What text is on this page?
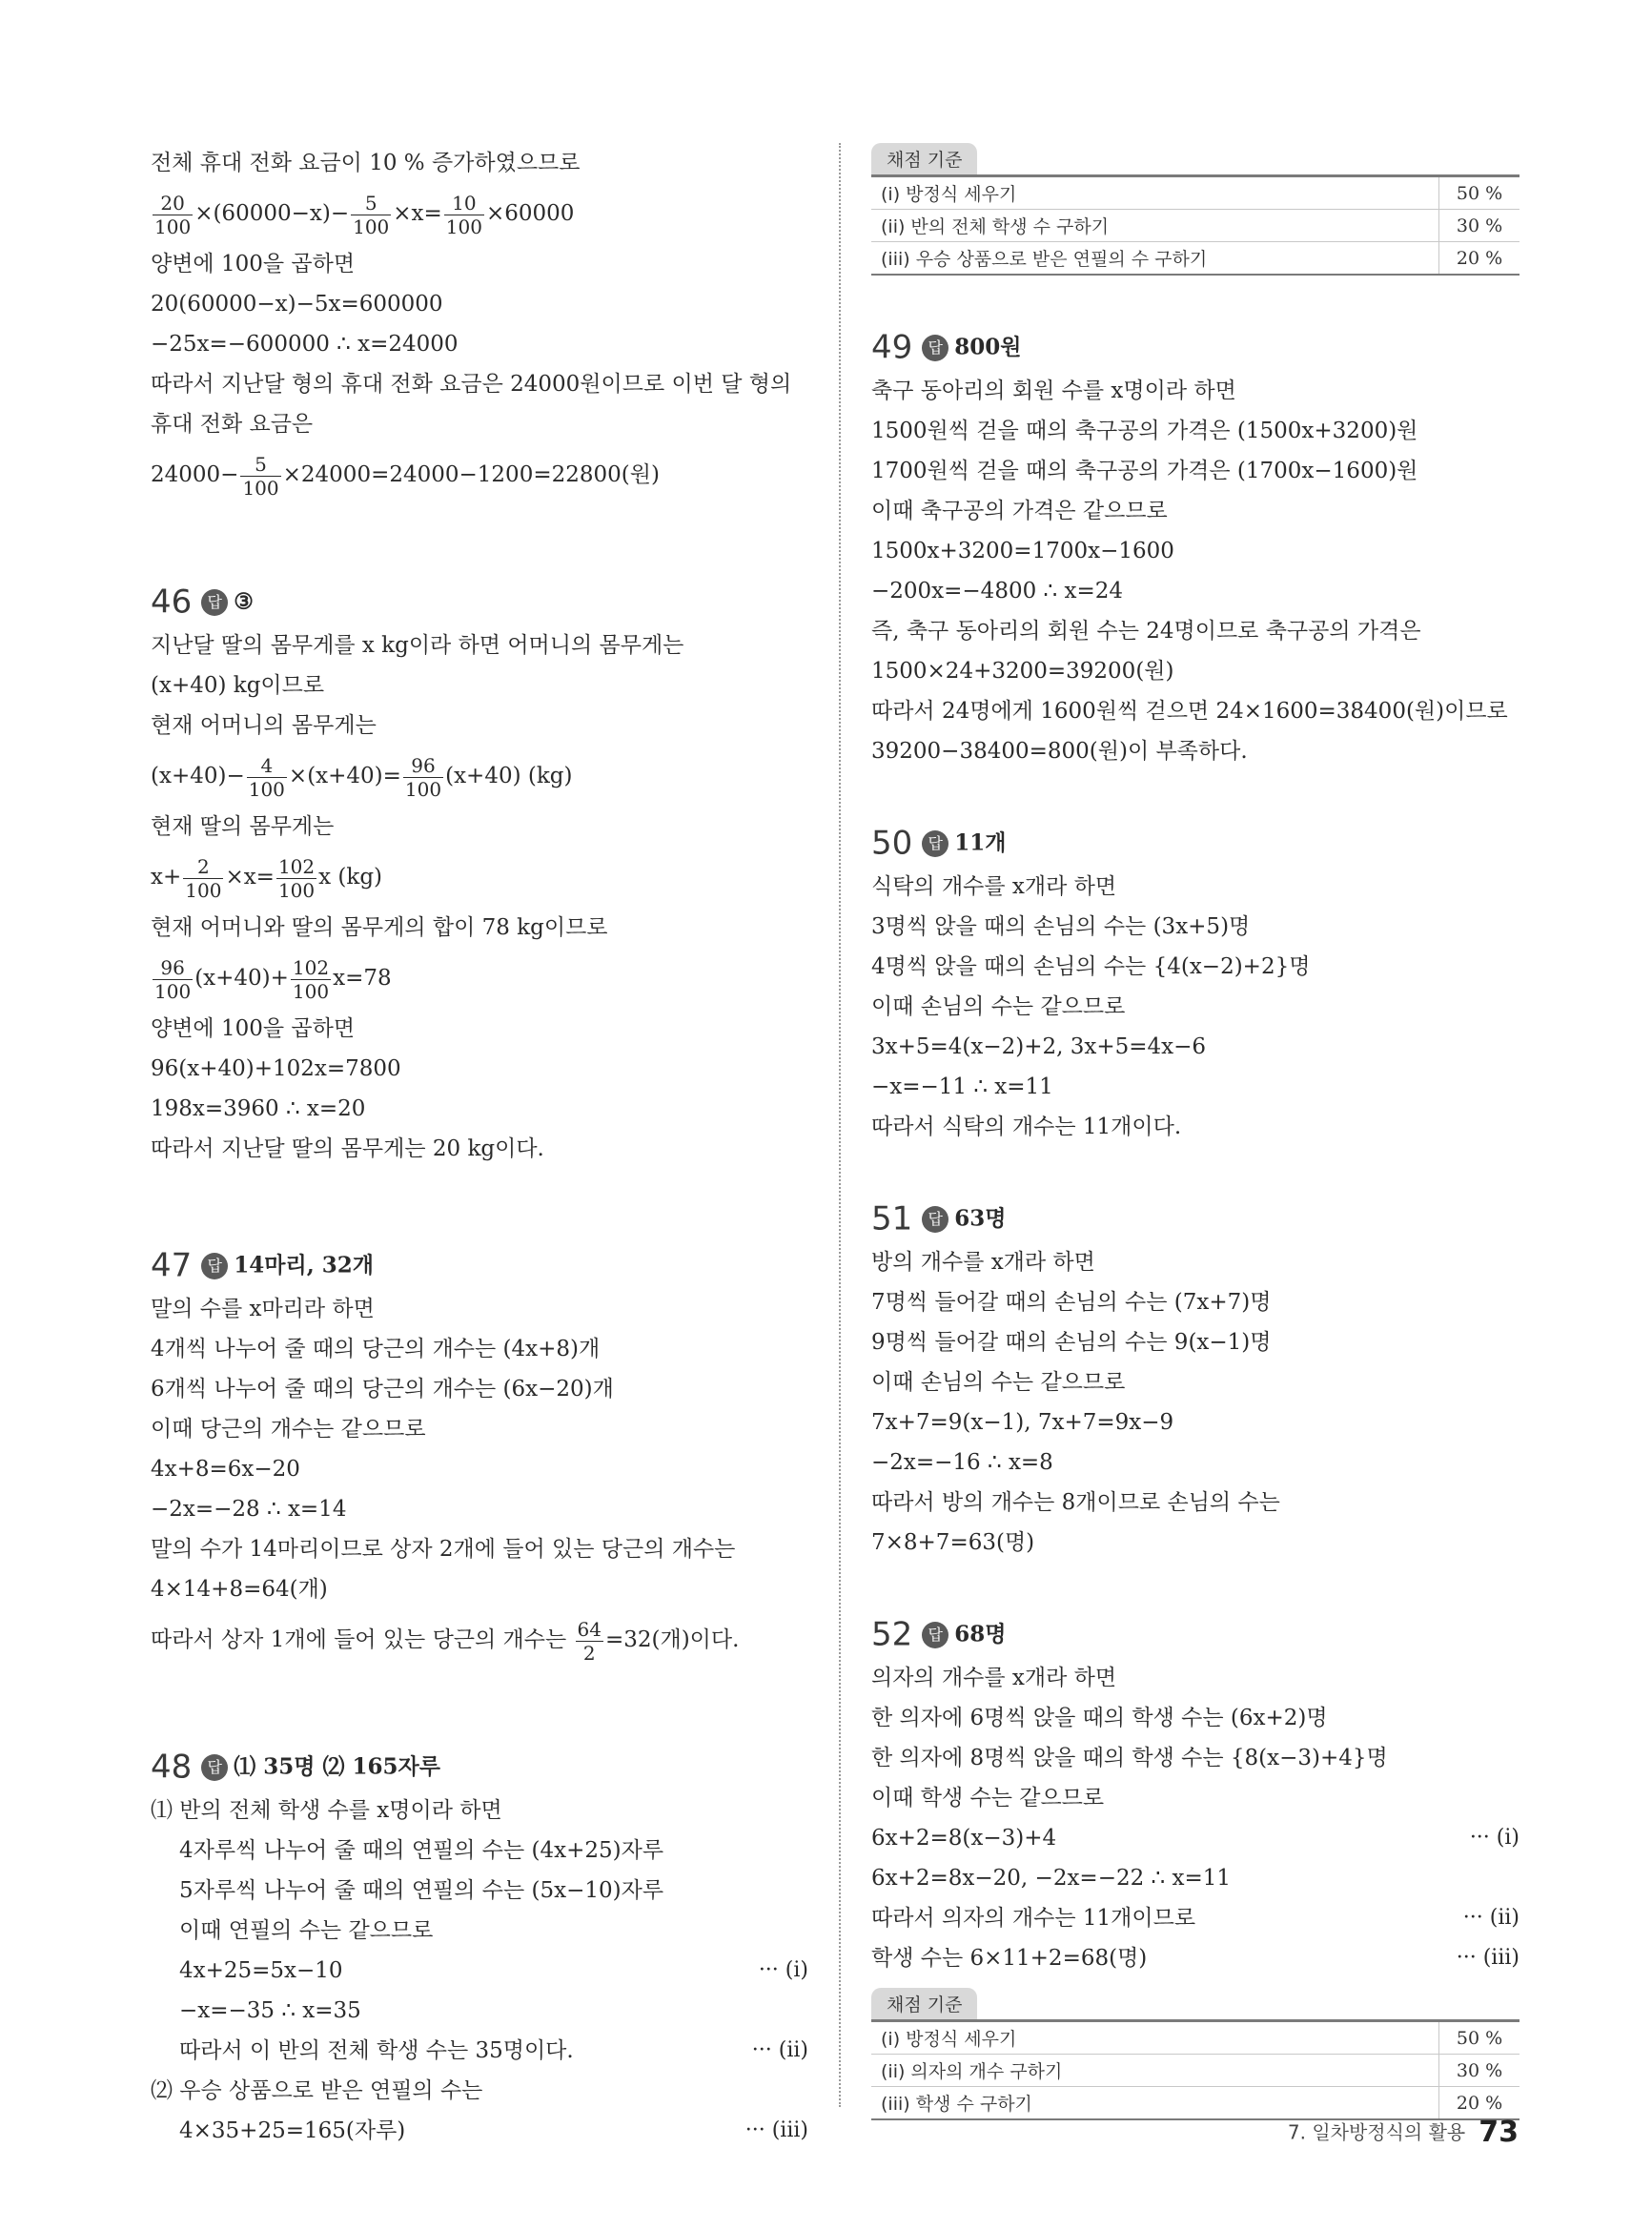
전체 휴대 전화 요금이 10 % 증가하였으므로
$\frac{20}{100} \times(60000-x)- \frac{5}{100} \times x= \frac{10}{100} \times 60000$
양변에 100을 곱하면
20(60000−x)−5x=600000
−25x=−600000 ∴ x=24000
따라서 지난달 형의 휴대 전화 요금은 24000원이므로 이번 달 형의
휴대 전화 요금은
$24000- \frac{5}{100} \times 24000=24000-1200=22800$(원)
46 답 ③
지난달 딸의 몸무게를 x kg이라 하면 어머니의 몸무게는
(x+40) kg이므로
현재 어머니의 몸무게는
$(x+40)- \frac{4}{100} \times(x+40)= \frac{96}{100} (x+40)$ (kg)
현재 딸의 몸무게는
$x+ \frac{2}{100} \times x= \frac{102}{100}$ x (kg)
현재 어머니와 딸의 몸무게의 합이 78 kg이므로
$\frac{96}{100} (x+40)+ \frac{102}{100} x=78$
양변에 100을 곱하면
96(x+40)+102x=7800
198x=3960 ∴ x=20
따라서 지난달 딸의 몸무게는 20 kg이다.
47 답 14마리, 32개
말의 수를 x마리라 하면
4개씩 나누어 줄 때의 당근의 개수는 (4x+8)개
6개씩 나누어 줄 때의 당근의 개수는 (6x−20)개
이때 당근의 개수는 같으므로
4x+8=6x−20
−2x=−28 ∴ x=14
말의 수가 14마리이므로 상자 2개에 들어 있는 당근의 개수는
4×14+8=64(개)
따라서 상자 1개에 들어 있는 당근의 개수는 $\frac{64}{2} =32$(개)이다.
48 답 ⑴ 35명 ⑵ 165자루
⑴ 반의 전체 학생 수를 x명이라 하면
4자루씩 나누어 줄 때의 연필의 수는 (4x+25)자루
5자루씩 나누어 줄 때의 연필의 수는 (5x−10)자루
이때 연필의 수는 같으므로
4x+25=5x−10	··· (i)
−x=−35 ∴ x=35
따라서 이 반의 전체 학생 수는 35명이다.	··· (ii)
⑵ 우승 상품으로 받은 연필의 수는
4×35+25=165(자루)	··· (iii)
채점 기준
(i) 방정식 세우기	50 %
(ii) 반의 전체 학생 수 구하기	30 %
(iii) 우승 상품으로 받은 연필의 수 구하기	20 %
49 답 800원
축구 동아리의 회원 수를 x명이라 하면
1500원씩 걷을 때의 축구공의 가격은 (1500x+3200)원
1700원씩 걷을 때의 축구공의 가격은 (1700x−1600)원
이때 축구공의 가격은 같으므로
1500x+3200=1700x−1600
−200x=−4800 ∴ x=24
즉, 축구 동아리의 회원 수는 24명이므로 축구공의 가격은
1500×24+3200=39200(원)
따라서 24명에게 1600원씩 걷으면 24×1600=38400(원)이므로
39200−38400=800(원)이 부족하다.
50 답 11개
식탁의 개수를 x개라 하면
3명씩 앉을 때의 손님의 수는 (3x+5)명
4명씩 앉을 때의 손님의 수는 {4(x−2)+2}명
이때 손님의 수는 같으므로
3x+5=4(x−2)+2, 3x+5=4x−6
−x=−11 ∴ x=11
따라서 식탁의 개수는 11개이다.
51 답 63명
방의 개수를 x개라 하면
7명씩 들어갈 때의 손님의 수는 (7x+7)명
9명씩 들어갈 때의 손님의 수는 9(x−1)명
이때 손님의 수는 같으므로
7x+7=9(x−1), 7x+7=9x−9
−2x=−16 ∴ x=8
따라서 방의 개수는 8개이므로 손님의 수는
7×8+7=63(명)
52 답 68명
의자의 개수를 x개라 하면
한 의자에 6명씩 앉을 때의 학생 수는 (6x+2)명
한 의자에 8명씩 앉을 때의 학생 수는 {8(x−3)+4}명
이때 학생 수는 같으므로
6x+2=8(x−3)+4	··· (i)
6x+2=8x−20, −2x=−22 ∴ x=11
따라서 의자의 개수는 11개이므로	··· (ii)
학생 수는 6×11+2=68(명)	··· (iii)
채점 기준
(i) 방정식 세우기	50 %
(ii) 의자의 개수 구하기	30 %
(iii) 학생 수 구하기	20 %
7. 일차방정식의 활용 73
